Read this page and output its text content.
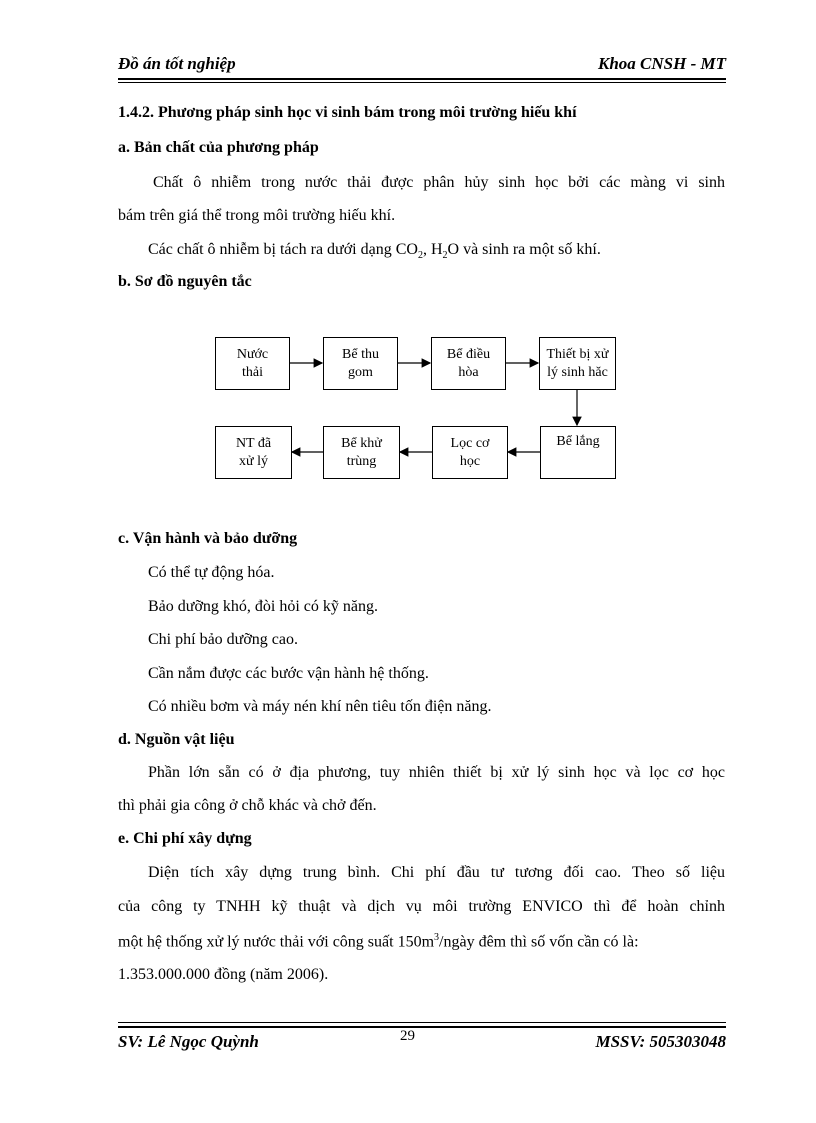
Đồ án tốt nghiệp	Khoa CNSH - MT
1.4.2. Phương pháp sinh học vi sinh bám trong môi trường hiếu khí
a. Bản chất của phương pháp
Chất ô nhiễm trong nước thải được phân hủy sinh học bởi các màng vi sinh
bám trên giá thể trong môi trường hiếu khí.
Các chất ô nhiễm bị tách ra dưới dạng $CO_2$, $H_2O$ và sinh ra một số khí.
b. Sơ đồ nguyên tắc
Nước
thải
Bể thu
gom
Bể điều
hòa
Thiết bị xử
lý sinh hăc
NT đã
xử lý
Bể khử
trùng
Lọc cơ
học
Bể lắng
c. Vận hành và bảo dưỡng
Có thể tự động hóa.
Bảo dưỡng khó, đòi hỏi có kỹ năng.
Chi phí bảo dưỡng cao.
Cần nắm được các bước vận hành hệ thống.
Có nhiều bơm và máy nén khí nên tiêu tốn điện năng.
d. Nguồn vật liệu
Phần lớn sẵn có ở địa phương, tuy nhiên thiết bị xử lý sinh học và lọc cơ học
thì phải gia công ở chỗ khác và chở đến.
e. Chi phí xây dựng
Diện tích xây dựng trung bình. Chi phí đầu tư tương đối cao. Theo số liệu
của công ty TNHH kỹ thuật và dịch vụ môi trường ENVICO thì để hoàn chỉnh
một hệ thống xử lý nước thải với công suất $150m^3$/ngày đêm thì số vốn cần có là:
1.353.000.000 đồng (năm 2006).
SV: Lê Ngọc Quỳnh	29	MSSV: 505303048
